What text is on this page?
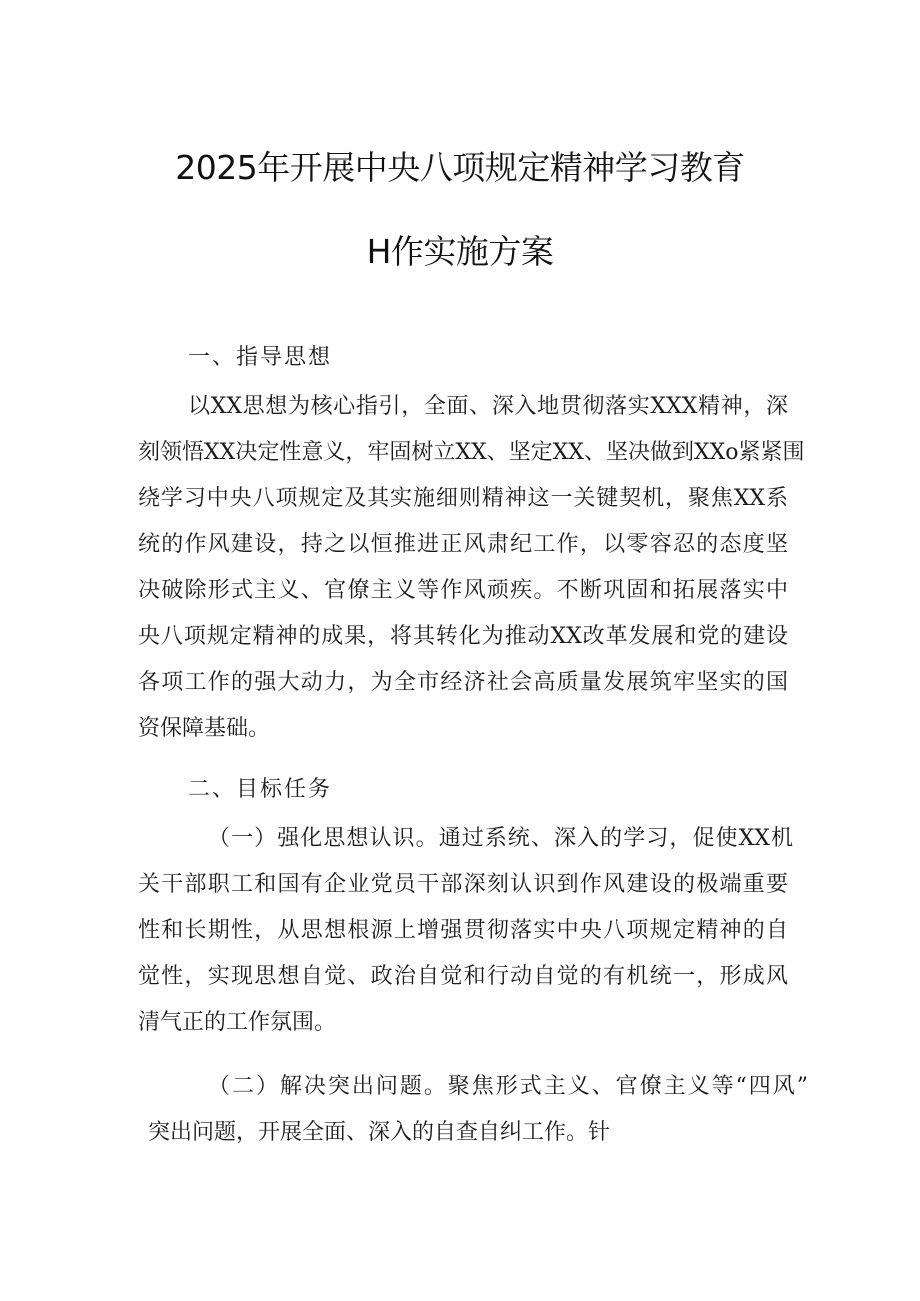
2025年开展中央八项规定精神学习教育
H作实施方案
一、指导思想
以XX思想为核心指引，全面、深入地贯彻落实XXX精神，深
刻领悟XX决定性意义，牢固树立XX、坚定XX、坚决做到XXo紧紧围
绕学习中央八项规定及其实施细则精神这一关键契机，聚焦XX系
统的作风建设，持之以恒推进正风肃纪工作，以零容忍的态度坚
决破除形式主义、官僚主义等作风顽疾。不断巩固和拓展落实中
央八项规定精神的成果，将其转化为推动XX改革发展和党的建设
各项工作的强大动力，为全市经济社会高质量发展筑牢坚实的国
资保障基础。
二、目标任务
（一）强化思想认识。通过系统、深入的学习，促使XX机
关干部职工和国有企业党员干部深刻认识到作风建设的极端重要
性和长期性，从思想根源上增强贯彻落实中央八项规定精神的自
觉性，实现思想自觉、政治自觉和行动自觉的有机统一，形成风
清气正的工作氛围。
（二）解决突出问题。聚焦形式主义、官僚主义等“四风”
突出问题，开展全面、深入的自查自纠工作。针
